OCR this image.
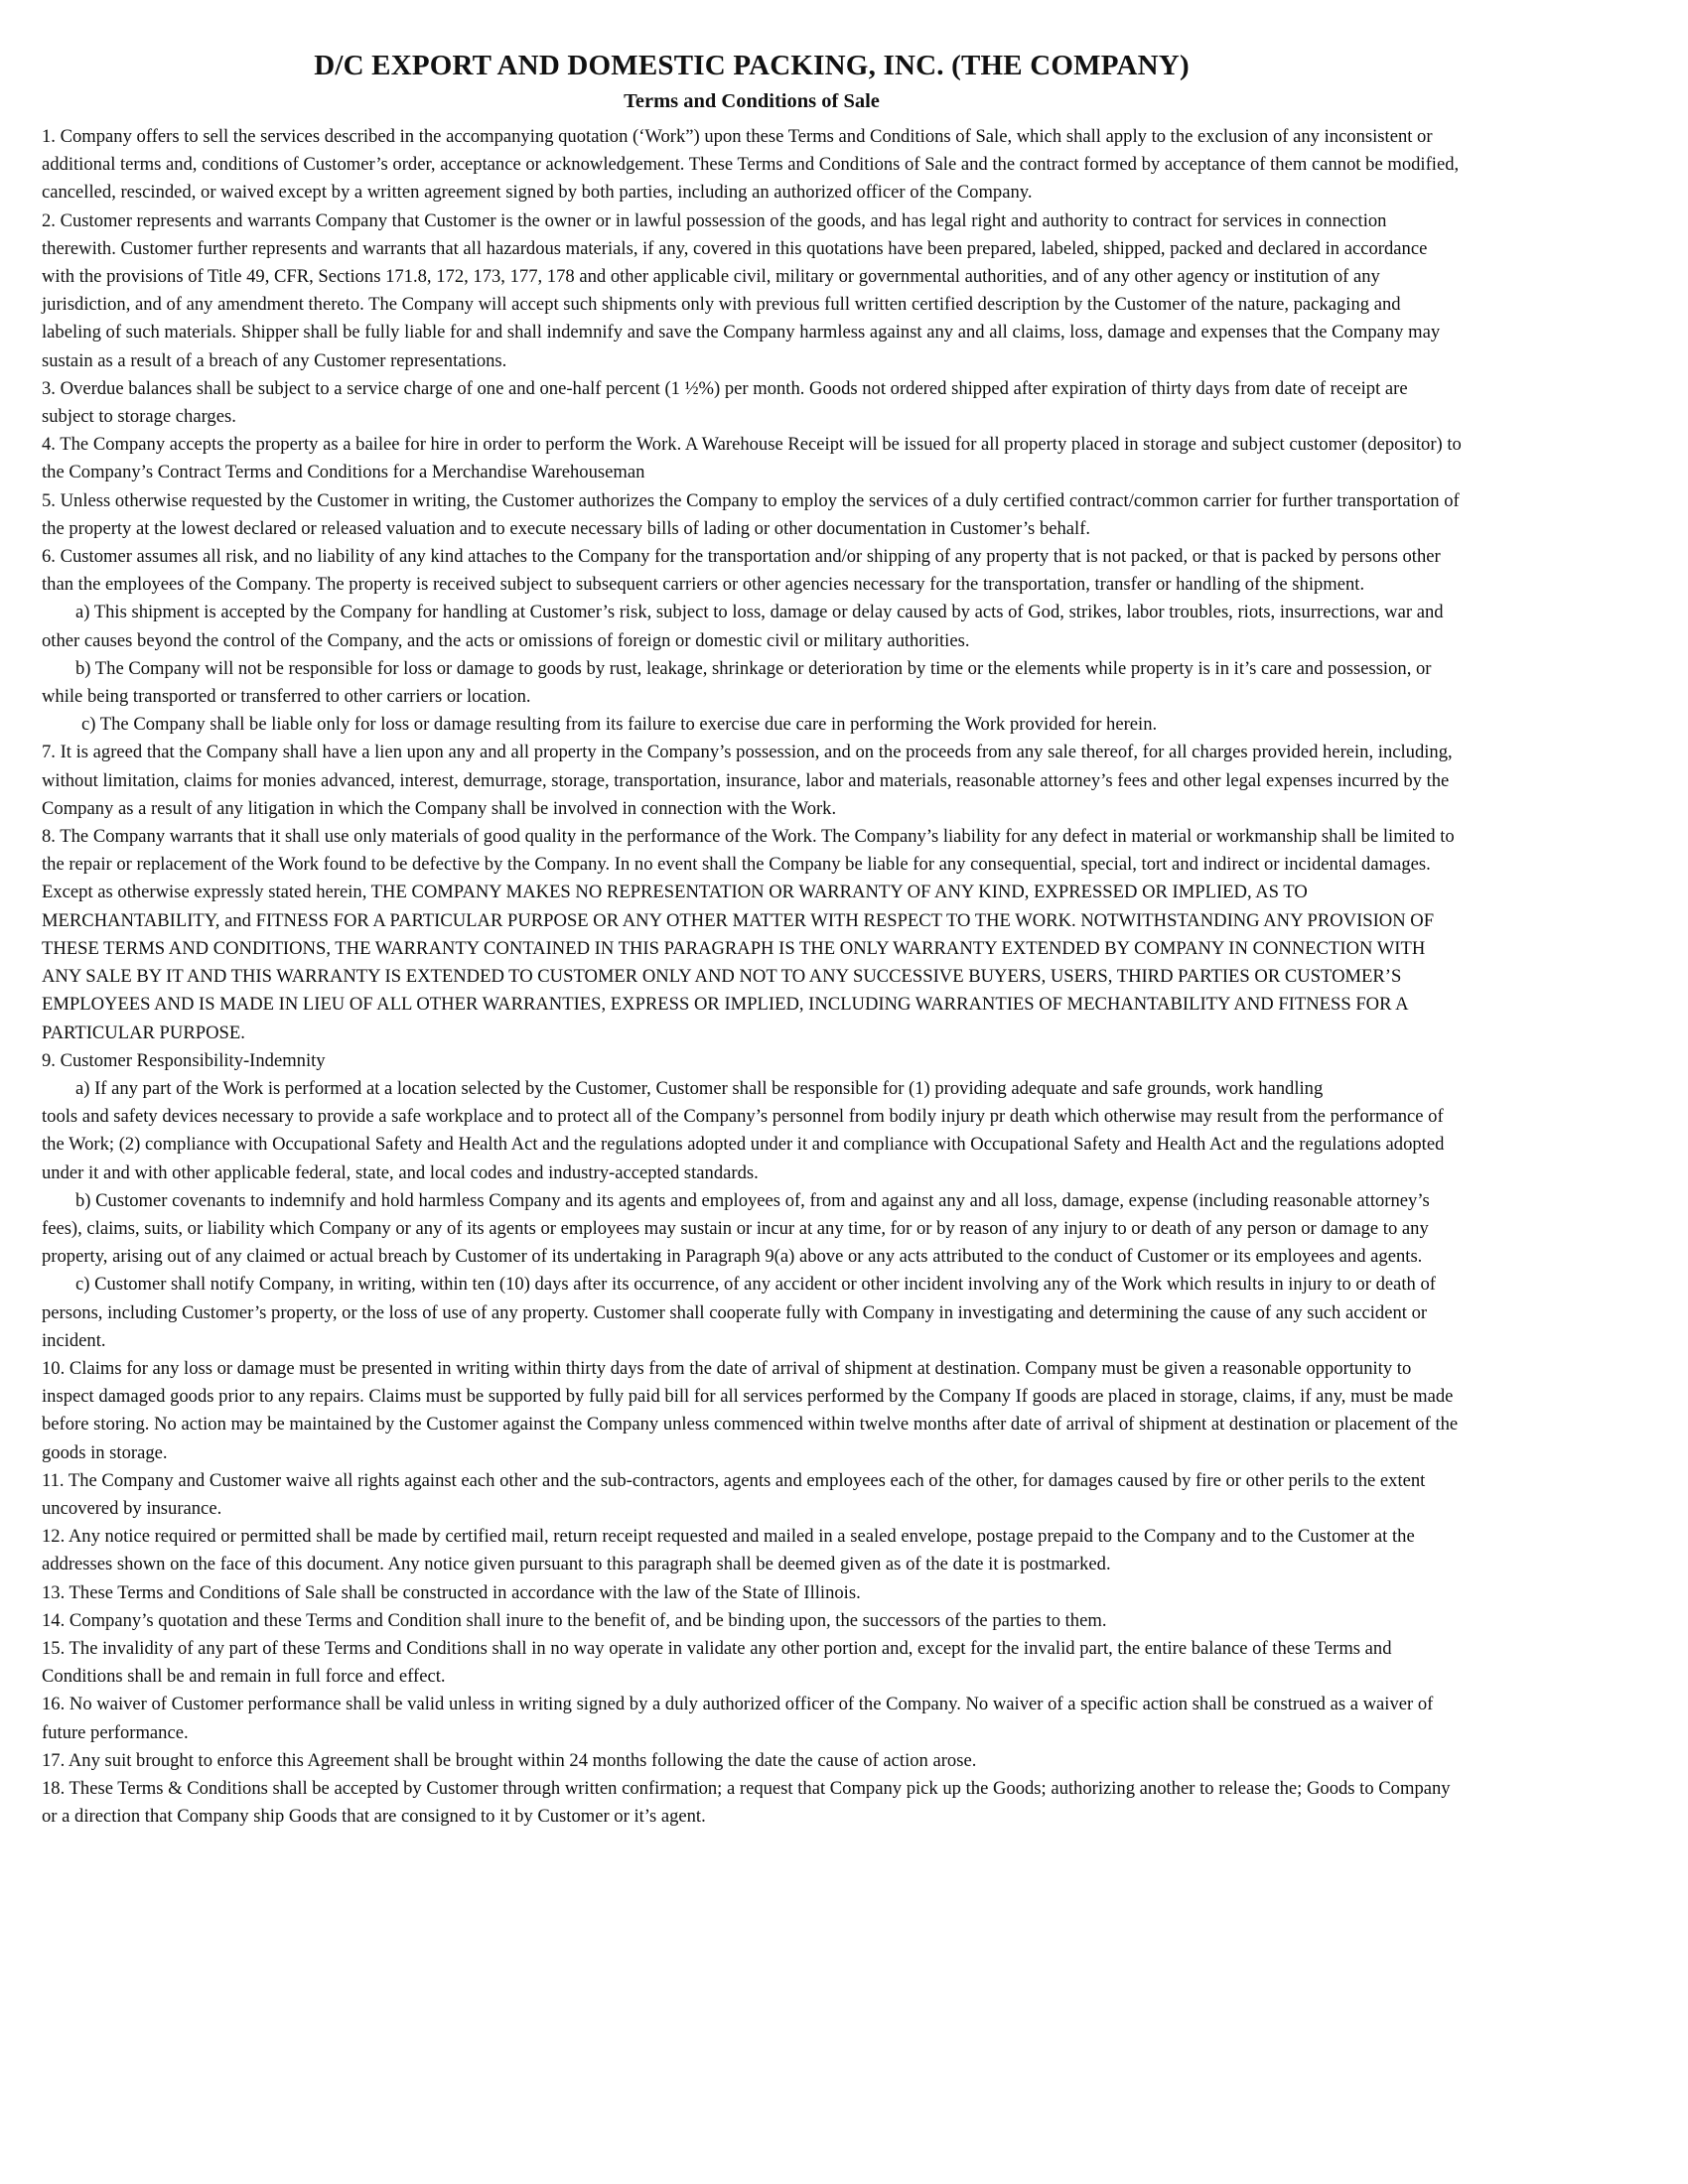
D/C EXPORT AND DOMESTIC PACKING, INC. (THE COMPANY)
Terms and Conditions of Sale

1. Company offers to sell the services described in the accompanying quotation (‘Work”) upon these Terms and Conditions of Sale, which shall apply to the exclusion of any inconsistent or additional terms and, conditions of Customer’s order, acceptance or acknowledgement. These Terms and Conditions of Sale and the contract formed by acceptance of them cannot be modified, cancelled, rescinded, or waived except by a written agreement signed by both parties, including an authorized officer of the Company.

2. Customer represents and warrants Company that Customer is the owner or in lawful possession of the goods, and has legal right and authority to contract for services in connection therewith. Customer further represents and warrants that all hazardous materials, if any, covered in this quotations have been prepared, labeled, shipped, packed and declared in accordance with the provisions of Title 49, CFR, Sections 171.8, 172, 173, 177, 178 and other applicable civil, military or governmental authorities, and of any other agency or institution of any jurisdiction, and of any amendment thereto. The Company will accept such shipments only with previous full written certified description by the Customer of the nature, packaging and labeling of such materials. Shipper shall be fully liable for and shall indemnify and save the Company harmless against any and all claims, loss, damage and expenses that the Company may sustain as a result of a breach of any Customer representations.

3. Overdue balances shall be subject to a service charge of one and one-half percent (1 ½%) per month. Goods not ordered shipped after expiration of thirty days from date of receipt are subject to storage charges.

4. The Company accepts the property as a bailee for hire in order to perform the Work. A Warehouse Receipt will be issued for all property placed in storage and subject customer (depositor) to the Company’s Contract Terms and Conditions for a Merchandise Warehouseman

5. Unless otherwise requested by the Customer in writing, the Customer authorizes the Company to employ the services of a duly certified contract/common carrier for further transportation of the property at the lowest declared or released valuation and to execute necessary bills of lading or other documentation in Customer’s behalf.

6. Customer assumes all risk, and no liability of any kind attaches to the Company for the transportation and/or shipping of any property that is not packed, or that is packed by persons other than the employees of the Company. The property is received subject to subsequent carriers or other agencies necessary for the transportation, transfer or handling of the shipment.

a) This shipment is accepted by the Company for handling at Customer’s risk, subject to loss, damage or delay caused by acts of God, strikes, labor troubles, riots, insurrections, war and other causes beyond the control of the Company, and the acts or omissions of foreign or domestic civil or military authorities.

b) The Company will not be responsible for loss or damage to goods by rust, leakage, shrinkage or deterioration by time or the elements while property is in it’s care and possession, or while being transported or transferred to other carriers or location.

c) The Company shall be liable only for loss or damage resulting from its failure to exercise due care in performing the Work provided for herein.

7. It is agreed that the Company shall have a lien upon any and all property in the Company’s possession, and on the proceeds from any sale thereof, for all charges provided herein, including, without limitation, claims for monies advanced, interest, demurrage, storage, transportation, insurance, labor and materials, reasonable attorney’s fees and other legal expenses incurred by the Company as a result of any litigation in which the Company shall be involved in connection with the Work.

8. The Company warrants that it shall use only materials of good quality in the performance of the Work. The Company’s liability for any defect in material or workmanship shall be limited to the repair or replacement of the Work found to be defective by the Company. In no event shall the Company be liable for any consequential, special, tort and indirect or incidental damages. Except as otherwise expressly stated herein, THE COMPANY MAKES NO REPRESENTATION OR WARRANTY OF ANY KIND, EXPRESSED OR IMPLIED, AS TO MERCHANTABILITY, and FITNESS FOR A PARTICULAR PURPOSE OR ANY OTHER MATTER WITH RESPECT TO THE WORK. NOTWITHSTANDING ANY PROVISION OF THESE TERMS AND CONDITIONS, THE WARRANTY CONTAINED IN THIS PARAGRAPH IS THE ONLY WARRANTY EXTENDED BY COMPANY IN CONNECTION WITH ANY SALE BY IT AND THIS WARRANTY IS EXTENDED TO CUSTOMER ONLY AND NOT TO ANY SUCCESSIVE BUYERS, USERS, THIRD PARTIES OR CUSTOMER’S EMPLOYEES AND IS MADE IN LIEU OF ALL OTHER WARRANTIES, EXPRESS OR IMPLIED, INCLUDING WARRANTIES OF MECHANTABILITY AND FITNESS FOR A PARTICULAR PURPOSE.

9. Customer Responsibility-Indemnity

a) If any part of the Work is performed at a location selected by the Customer, Customer shall be responsible for (1) providing adequate and safe grounds, work handling

tools and safety devices necessary to provide a safe workplace and to protect all of the Company’s personnel from bodily injury pr death which otherwise may result from the performance of the Work; (2) compliance with Occupational Safety and Health Act and the regulations adopted under it and compliance with Occupational Safety and Health Act and the regulations adopted under it and with other applicable federal, state, and local codes and industry-accepted standards.

b) Customer covenants to indemnify and hold harmless Company and its agents and employees of, from and against any and all loss, damage, expense (including reasonable attorney’s fees), claims, suits, or liability which Company or any of its agents or employees may sustain or incur at any time, for or by reason of any injury to or death of any person or damage to any property, arising out of any claimed or actual breach by Customer of its undertaking in Paragraph 9(a) above or any acts attributed to the conduct of Customer or its employees and agents.

c) Customer shall notify Company, in writing, within ten (10) days after its occurrence, of any accident or other incident involving any of the Work which results in injury to or death of persons, including Customer’s property, or the loss of use of any property. Customer shall cooperate fully with Company in investigating and determining the cause of any such accident or incident.

10. Claims for any loss or damage must be presented in writing within thirty days from the date of arrival of shipment at destination. Company must be given a reasonable opportunity to inspect damaged goods prior to any repairs. Claims must be supported by fully paid bill for all services performed by the Company If goods are placed in storage, claims, if any, must be made before storing. No action may be maintained by the Customer against the Company unless commenced within twelve months after date of arrival of shipment at destination or placement of the goods in storage.

11. The Company and Customer waive all rights against each other and the sub-contractors, agents and employees each of the other, for damages caused by fire or other perils to the extent uncovered by insurance.

12. Any notice required or permitted shall be made by certified mail, return receipt requested and mailed in a sealed envelope, postage prepaid to the Company and to the Customer at the addresses shown on the face of this document. Any notice given pursuant to this paragraph shall be deemed given as of the date it is postmarked.

13. These Terms and Conditions of Sale shall be constructed in accordance with the law of the State of Illinois.

14. Company’s quotation and these Terms and Condition shall inure to the benefit of, and be binding upon, the successors of the parties to them.

15. The invalidity of any part of these Terms and Conditions shall in no way operate in validate any other portion and, except for the invalid part, the entire balance of these Terms and Conditions shall be and remain in full force and effect.

16. No waiver of Customer performance shall be valid unless in writing signed by a duly authorized officer of the Company. No waiver of a specific action shall be construed as a waiver of future performance.

17. Any suit brought to enforce this Agreement shall be brought within 24 months following the date the cause of action arose.

18. These Terms & Conditions shall be accepted by Customer through written confirmation; a request that Company pick up the Goods; authorizing another to release the; Goods to Company or a direction that Company ship Goods that are consigned to it by Customer or it’s agent.
